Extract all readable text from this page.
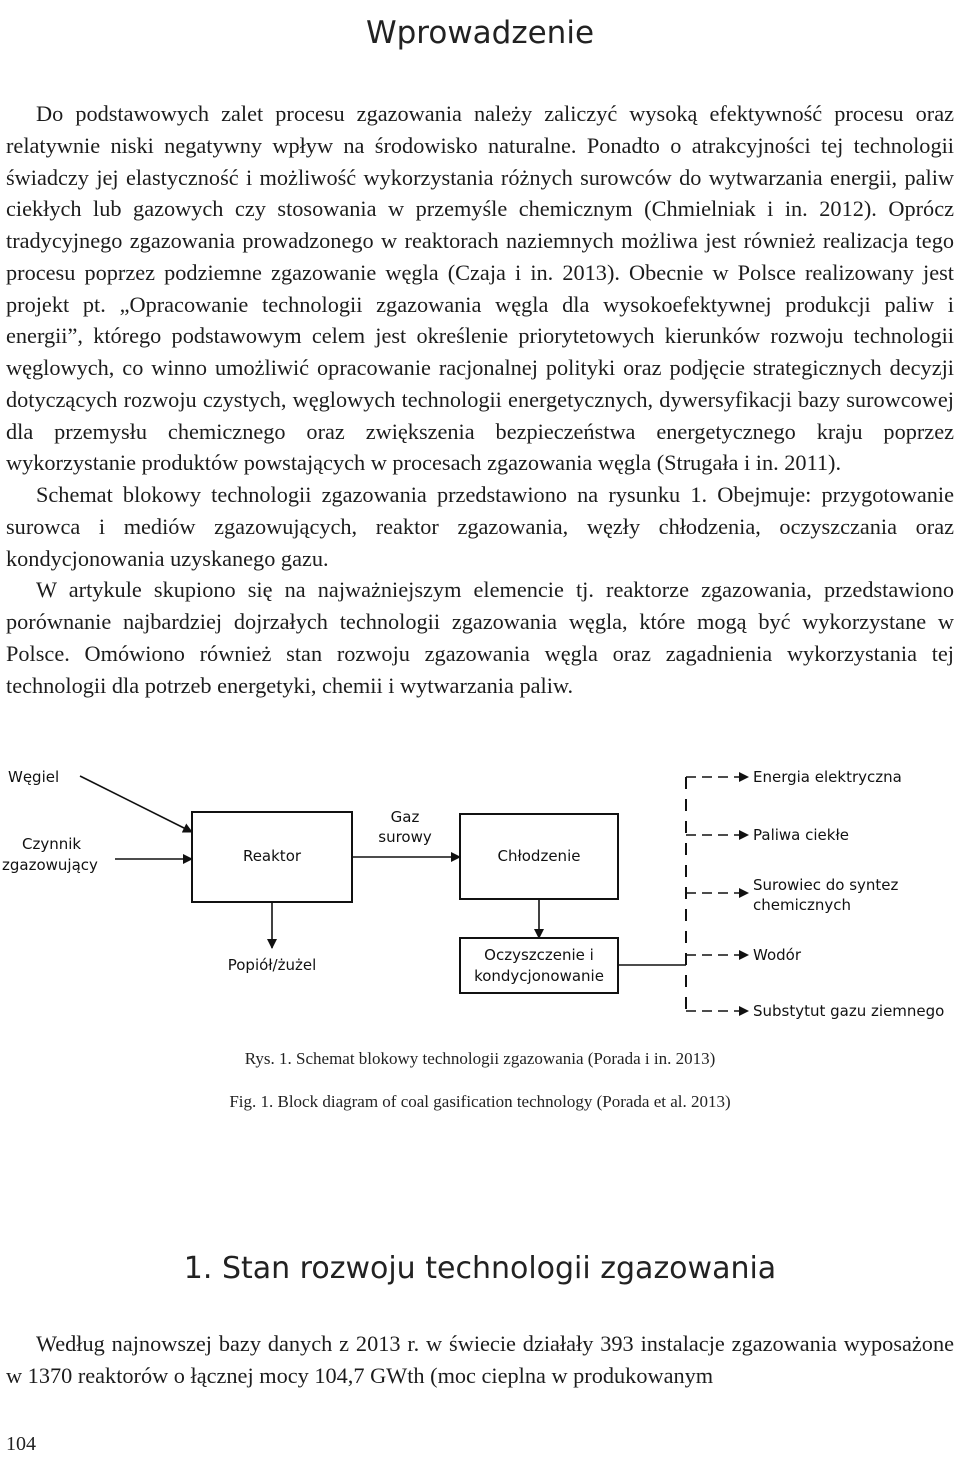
Wprowadzenie

Do podstawowych zalet procesu zgazowania należy zaliczyć wysoką efektywność procesu oraz relatywnie niski negatywny wpływ na środowisko naturalne. Ponadto o atrakcyjności tej technologii świadczy jej elastyczność i możliwość wykorzystania różnych surowców do wytwarzania energii, paliw ciekłych lub gazowych czy stosowania w przemyśle chemicznym (Chmielniak i in. 2012). Oprócz tradycyjnego zgazowania prowadzonego w reaktorach naziemnych możliwa jest również realizacja tego procesu poprzez podziemne zgazowanie węgla (Czaja i in. 2013). Obecnie w Polsce realizowany jest projekt pt. „Opracowanie technologii zgazowania węgla dla wysokoefektywnej produkcji paliw i energii”, którego podstawowym celem jest określenie priorytetowych kierunków rozwoju technologii węglowych, co winno umożliwić opracowanie racjonalnej polityki oraz podjęcie strategicznych decyzji dotyczących rozwoju czystych, węglowych technologii energetycznych, dywersyfikacji bazy surowcowej dla przemysłu chemicznego oraz zwiększenia bezpieczeństwa energetycznego kraju poprzez wykorzystanie produktów powstających w procesach zgazowania węgla (Strugała i in. 2011).

Schemat blokowy technologii zgazowania przedstawiono na rysunku 1. Obejmuje: przygotowanie surowca i mediów zgazowujących, reaktor zgazowania, węzły chłodzenia, oczyszczania oraz kondycjonowania uzyskanego gazu.

W artykule skupiono się na najważniejszym elemencie tj. reaktorze zgazowania, przedstawiono porównanie najbardziej dojrzałych technologii zgazowania węgla, które mogą być wykorzystane w Polsce. Omówiono również stan rozwoju zgazowania węgla oraz zagadnienia wykorzystania tej technologii dla potrzeb energetyki, chemii i wytwarzania paliw.

Węgiel
Czynnik
zgazowujący	Reaktor
Gaz
surowy
Chłodzenie
Oczyszczenie i
kondycjonowanie
Popiół/żużel
Energia elektryczna
Paliwa ciekłe
Surowiec do syntez
chemicznych
Wodór
Substytut gazu ziemnego
Rys. 1. Schemat blokowy technologii zgazowania (Porada i in. 2013)
Fig. 1. Block diagram of coal gasification technology (Porada et al. 2013)
1. Stan rozwoju technologii zgazowania

Według najnowszej bazy danych z 2013 r. w świecie działały 393 instalacje zgazowania wyposażone w 1370 reaktorów o łącznej mocy 104,7 GWth (moc cieplna w produkowanym

104
